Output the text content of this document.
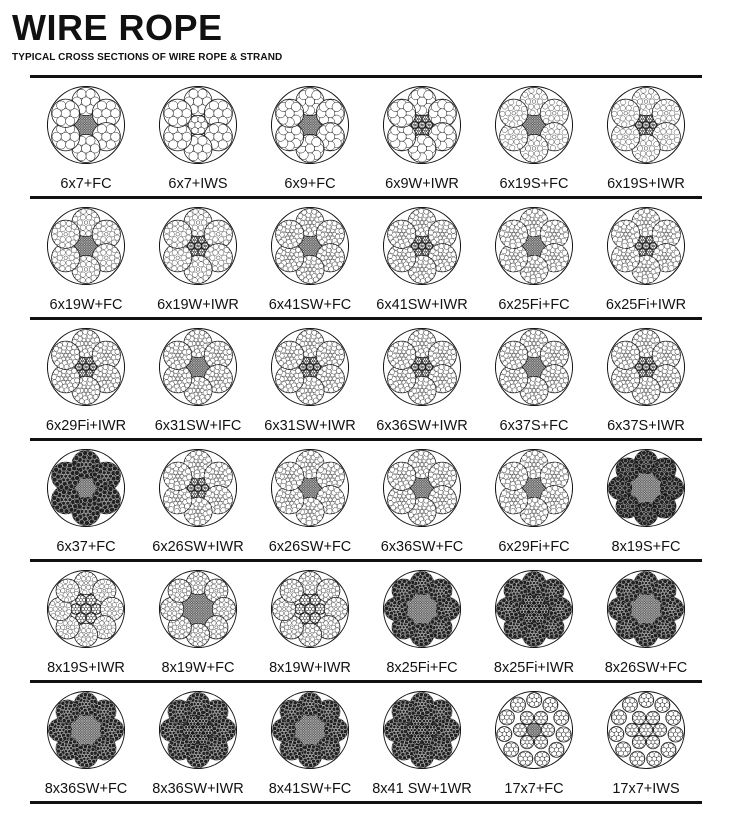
WIRE ROPE
TYPICAL CROSS SECTIONS OF WIRE ROPE & STRAND
6x7+FC	6x7+IWS	6x9+FC	6x9W+IWR	6x19S+FC	6x19S+IWR
6x19W+FC 6x19W+IWR 6x41SW+FC 6x41SW+IWR 6x25Fi+FC	6x25Fi+IWR
6x29Fi+IWR 6x31SW+IFC 6x31SW+IWR 6x36SW+IWR 6x37S+FC	6x37S+IWR
6x37+FC	6x26SW+IWR 6x26SW+FC 6x36SW+FC 6x29Fi+FC	8x19S+FC
8x19S+IWR	8x19W+FC 8x19W+IWR 8x25Fi+FC	8x25Fi+IWR 8x26SW+FC
8x36SW+FC 8x36SW+IWR 8x41SW+FC 8x41 SW+1WR 17x7+FC	17x7+IWS
